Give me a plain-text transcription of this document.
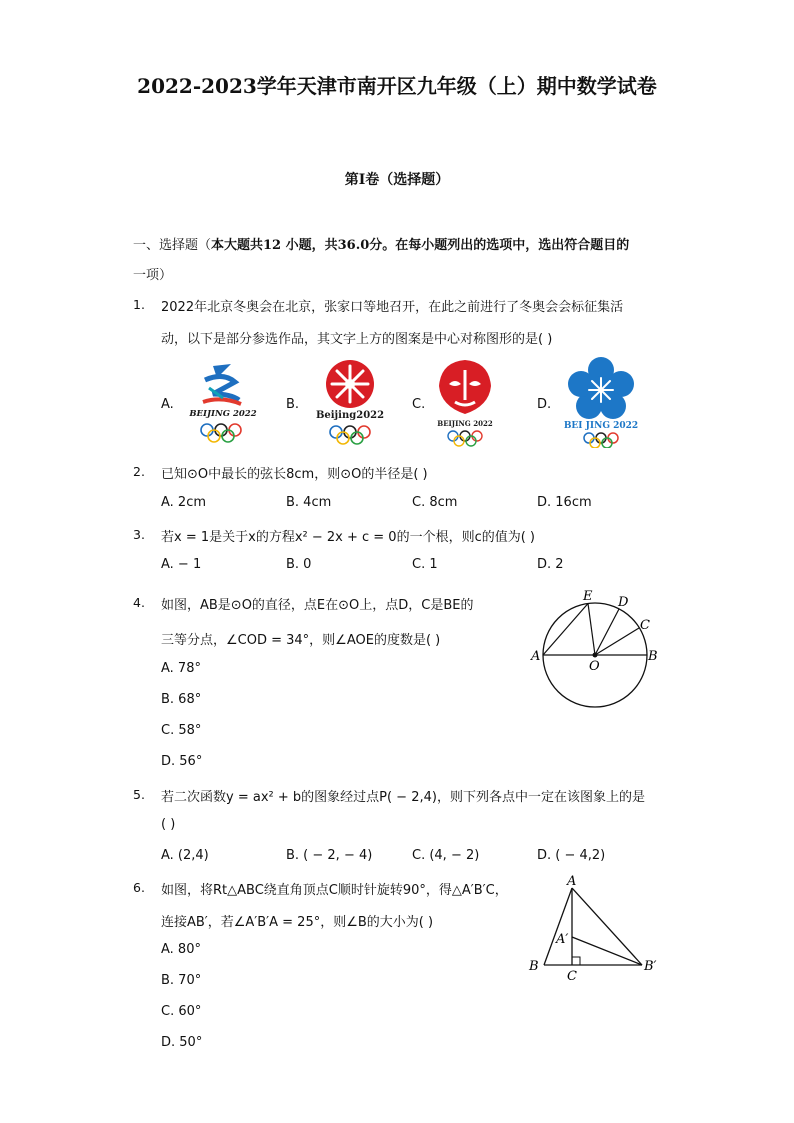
2022-2023学年天津市南开区九年级（上）期中数学试卷
第I卷（选择题）
一、选择题（本大题共12 小题，共36.0分。在每小题列出的选项中，选出符合题目的
一项）
1. 2022年北京冬奥会在北京，张家口等地召开，在此之前进行了冬奥会会标征集活
动，以下是部分参选作品，其文字上方的图案是中心对称图形的是( )
A.	B.	C.	D.
BEIJING 2022	Beijing2022
BEIJING 2022	BEI JING 2022
2. 已知⊙O中最长的弦长8cm，则⊙O的半径是( )
A. 2cm	B. 4cm	C. 8cm	D. 16cm
3. 若x = 1是关于x的方程x² − 2x + c = 0的一个根，则c的值为( )
A. − 1	B. 0	C. 1	D. 2
4. 如图，AB是⊙O的直径，点E在⊙O上，点D，C是BE的
三等分点，∠COD = 34°，则∠AOE的度数是( )
A. 78°
B. 68°
C. 58°
D. 56°
E D
C
A
O
B
5. 若二次函数y = ax² + b的图象经过点P( − 2,4)，则下列各点中一定在该图象上的是
( )
A. (2,4)	B. ( − 2, − 4)	C. (4, − 2)	D. ( − 4,2)
6. 如图，将Rt△ABC绕直角顶点C顺时针旋转90°，得△A′B′C，
连接AB′，若∠A′B′A = 25°，则∠B的大小为( )
A. 80°
B. 70°
C. 60°
D. 50°
A
A′
B
C
B′
